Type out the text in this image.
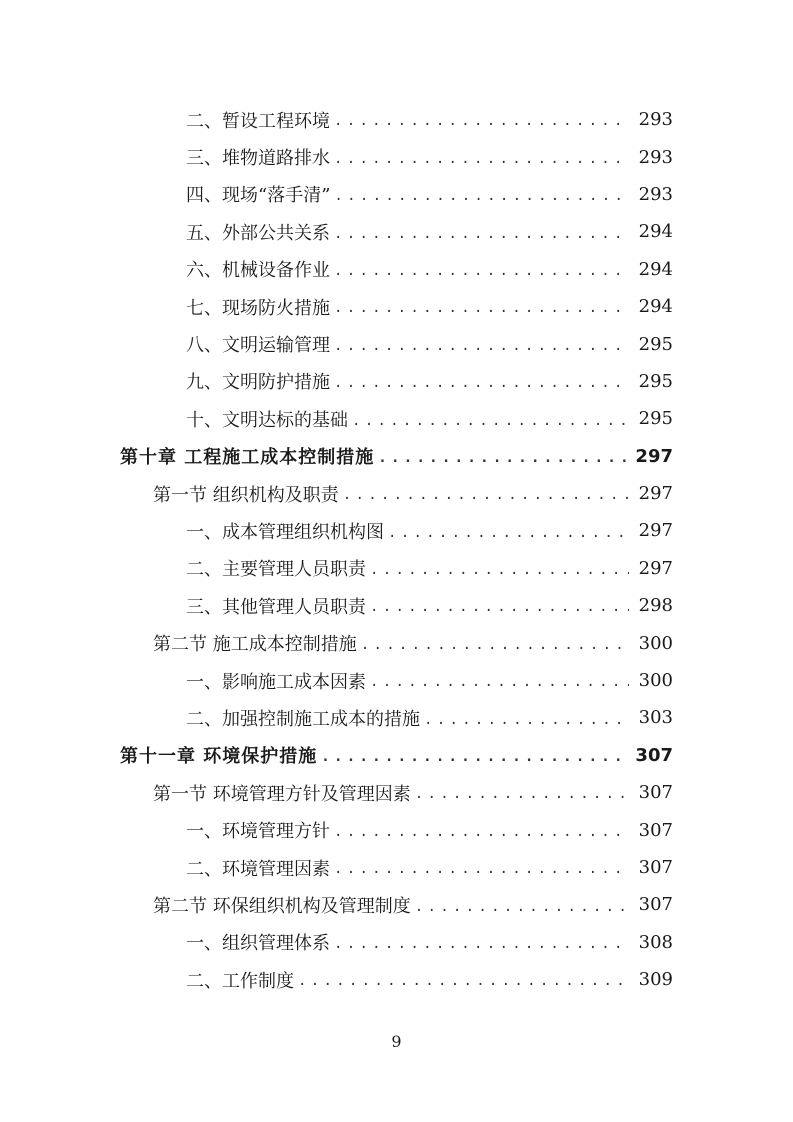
二、暂设工程环境 .....	293
三、堆物道路排水 .....	293
四、现场“落手清” .....	293
五、外部公共关系 .....	294
六、机械设备作业 .....	294
七、现场防火措施 .....	294
八、文明运输管理 .....	295
九、文明防护措施 .....	295
十、文明达标的基础 .....	295
第十章 工程施工成本控制措施 .....	297
第一节 组织机构及职责 .....	297
一、成本管理组织机构图 .....	297
二、主要管理人员职责 .....	297
三、其他管理人员职责 .....	298
第二节 施工成本控制措施 .....	300
一、影响施工成本因素 .....	300
二、加强控制施工成本的措施 .....	303
第十一章 环境保护措施 .....	307
第一节 环境管理方针及管理因素 .....	307
一、环境管理方针 .....	307
二、环境管理因素 .....	307
第二节 环保组织机构及管理制度 .....	307
一、组织管理体系 .....	308
二、工作制度 .....	309
9
